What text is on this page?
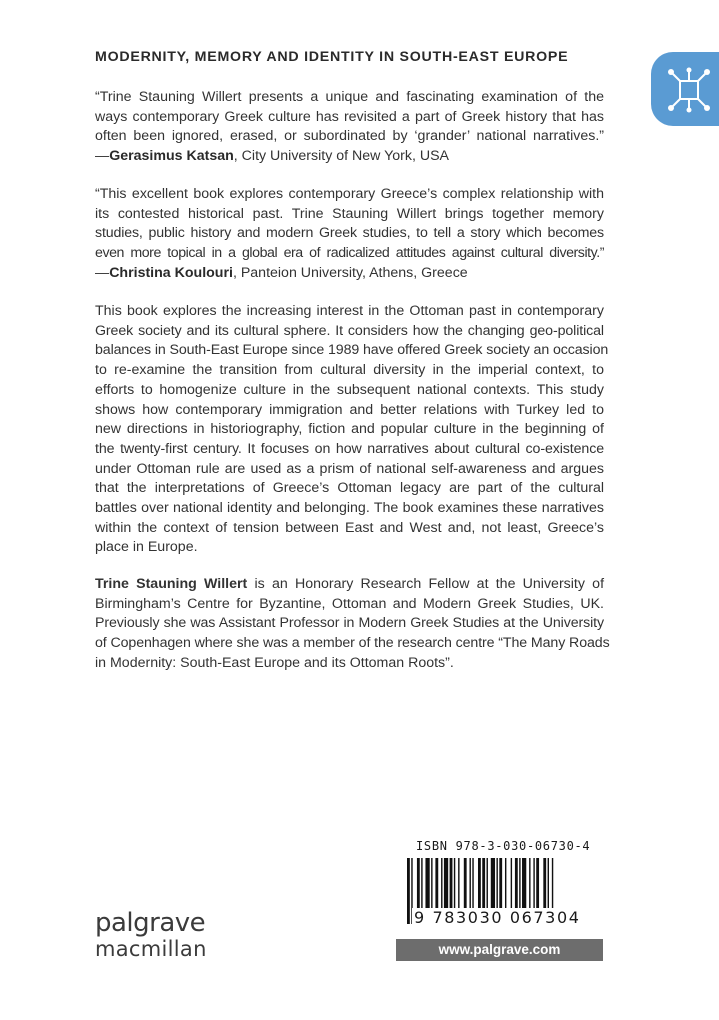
MODERNITY, MEMORY AND IDENTITY IN SOUTH-EAST EUROPE
“Trine Stauning Willert presents a unique and fascinating examination of the
ways contemporary Greek culture has revisited a part of Greek history that has
often been ignored, erased, or subordinated by ‘grander’ national narratives.”
—Gerasimus Katsan, City University of New York, USA
“This excellent book explores contemporary Greece’s complex relationship with
its contested historical past. Trine Stauning Willert brings together memory
studies, public history and modern Greek studies, to tell a story which becomes
even more topical in a global era of radicalized attitudes against cultural diversity.”
—Christina Koulouri, Panteion University, Athens, Greece
This book explores the increasing interest in the Ottoman past in contemporary
Greek society and its cultural sphere. It considers how the changing geo-political
balances in South-East Europe since 1989 have offered Greek society an occasion
to re-examine the transition from cultural diversity in the imperial context, to
efforts to homogenize culture in the subsequent national contexts. This study
shows how contemporary immigration and better relations with Turkey led to
new directions in historiography, fiction and popular culture in the beginning of
the twenty-first century. It focuses on how narratives about cultural co-existence
under Ottoman rule are used as a prism of national self-awareness and argues
that the interpretations of Greece’s Ottoman legacy are part of the cultural
battles over national identity and belonging. The book examines these narratives
within the context of tension between East and West and, not least, Greece’s
place in Europe.
Trine Stauning Willert is an Honorary Research Fellow at the University of
Birmingham’s Centre for Byzantine, Ottoman and Modern Greek Studies, UK.
Previously she was Assistant Professor in Modern Greek Studies at the University
of Copenhagen where she was a member of the research centre “The Many Roads
in Modernity: South-East Europe and its Ottoman Roots”.
ISBN 978-3-030-06730-4
9 783030 067304
www.palgrave.com
palgrave
macmillan
